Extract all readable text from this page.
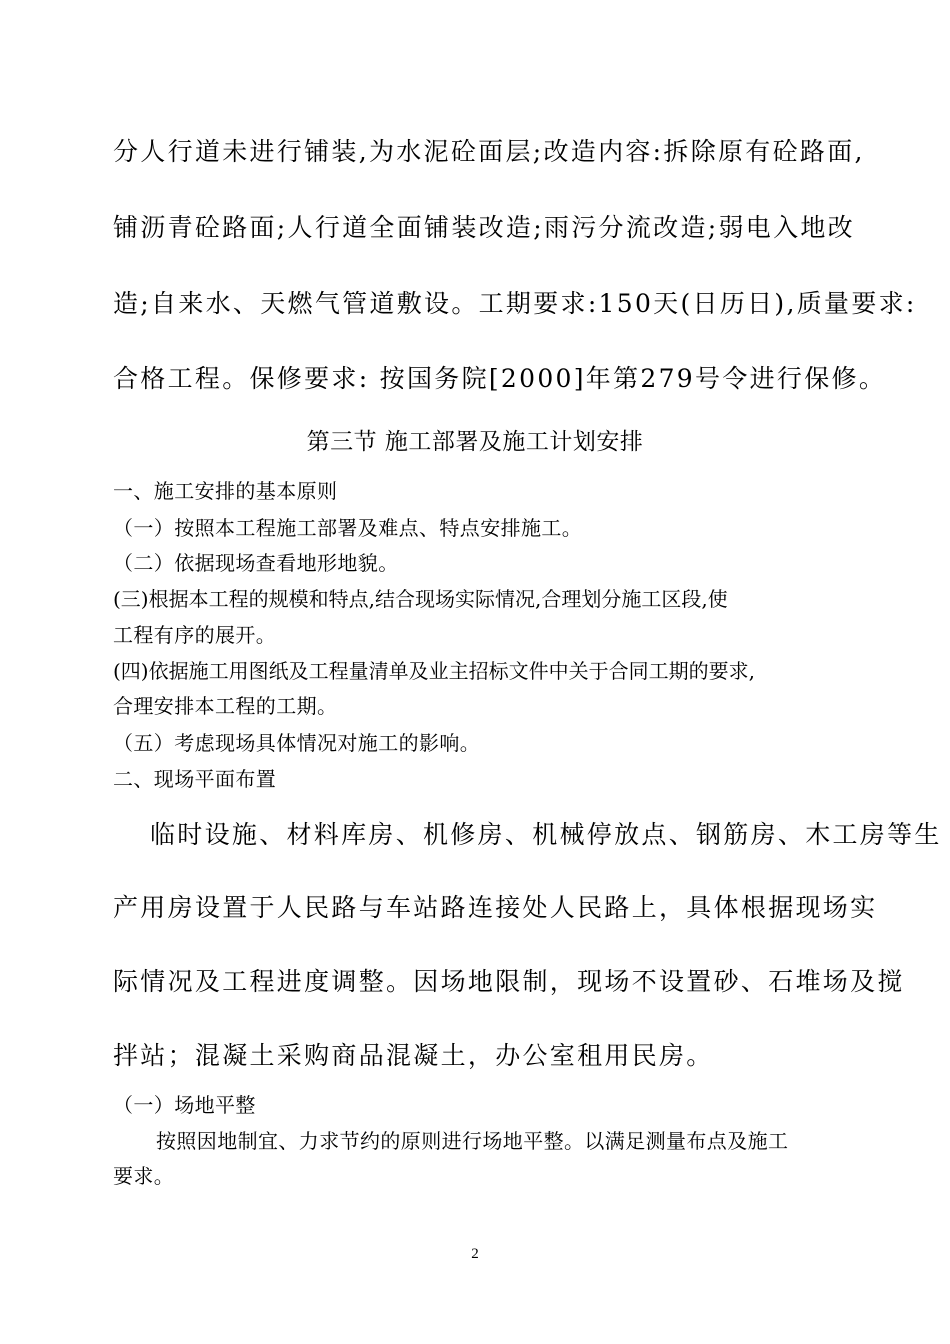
分人行道未进行铺装,为水泥砼面层;改造内容:拆除原有砼路面,
铺沥青砼路面;人行道全面铺装改造;雨污分流改造;弱电入地改
造;自来水、天燃气管道敷设。工期要求:150天(日历日),质量要求:
合格工程。保修要求: 按国务院[2000]年第279号令进行保修。
第三节 施工部署及施工计划安排
一、施工安排的基本原则
（一）按照本工程施工部署及难点、特点安排施工。
（二）依据现场查看地形地貌。
(三)根据本工程的规模和特点,结合现场实际情况,合理划分施工区段,使
工程有序的展开。
(四)依据施工用图纸及工程量清单及业主招标文件中关于合同工期的要求,
合理安排本工程的工期。
（五）考虑现场具体情况对施工的影响。
二、现场平面布置
临时设施、材料库房、机修房、机械停放点、钢筋房、木工房等生
产用房设置于人民路与车站路连接处人民路上，具体根据现场实
际情况及工程进度调整。因场地限制，现场不设置砂、石堆场及搅
拌站；混凝土采购商品混凝土，办公室租用民房。
（一）场地平整
按照因地制宜、力求节约的原则进行场地平整。以满足测量布点及施工
要求。
2
